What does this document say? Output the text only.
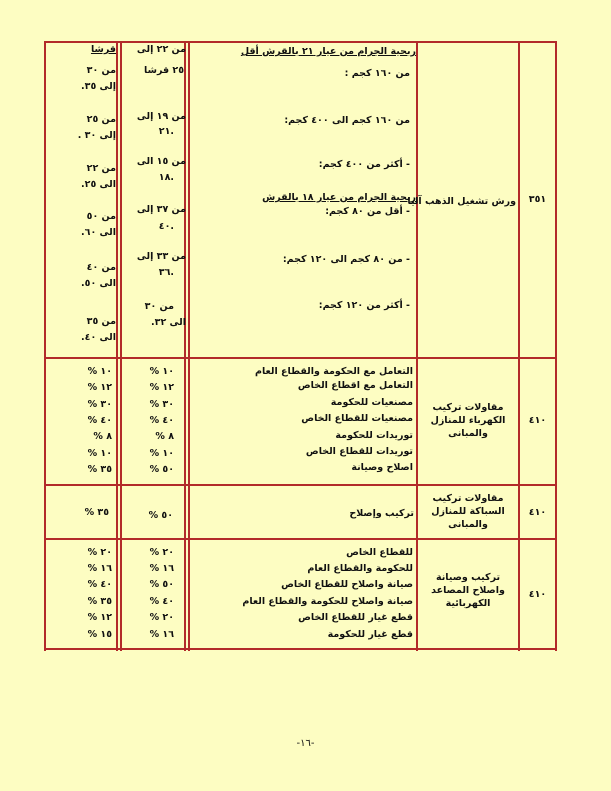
٣٥١
ورش تشغيل الذهب آليا
ربحية الجرام من عيار ٢١ بالقرش أقل
من ١٦٠ كجم :
من ١٦٠ كجم الى ٤٠٠ كجم:
- أكثر من ٤٠٠ كجم:
ربحية الجرام من عيار ١٨ بالقرش
- أقل من ٨٠ كجم:
- من ٨٠ كجم الى ١٢٠ كجم:
- أكثر من ١٢٠ كجم:
من ٢٢ إلى
٢٥ قرشا
من ١٩ إلى
.٢١
من ١٥ الى
.١٨
من ٣٧ إلى
.٤٠
من ٣٣ إلى
.٣٦
من ٣٠
الى ٣٢.
قرشا
من ٣٠
إلى ٣٥.
من ٢٥
إلى ٣٠ .
من ٢٢
الى ٢٥.
من ٥٠
الى ٦٠.
من ٤٠
الى ٥٠.
من ٣٥
الى ٤٠.
٤١٠
مقاولات تركيب
الكهرباء للمنازل
والمبانى
التعامل مع الحكومة والقطاع العام
التعامل مع اقطاع الخاص
مصنعيات للحكومة
مصنعيات للقطاع الخاص
توريدات للحكومة
توريدات للقطاع الخاص
اصلاح وصيانة
١٠ %
١٢ %
٣٠ %
٤٠ %
٨ %
١٠ %
٥٠ %
١٠ %
١٢ %
٣٠ %
٤٠ %
٨ %
١٠ %
٣٥ %
٤١٠
مقاولات تركيب
السباكة للمنازل
والمبانى
تركيب وإصلاح
٥٠ %
٣٥ %
٤١٠
تركيب وصيانة
واصلاح المصاعد
الكهربائية
للقطاع الخاص
للحكومة والقطاع العام
صيانة واصلاح للقطاع الخاص
صيانة واصلاح للحكومة والقطاع العام
قطع غيار للقطاع الخاص
قطع غيار للحكومة
٢٠ %
١٦ %
٥٠ %
٤٠ %
٢٠ %
١٦ %
٢٠ %
١٦ %
٤٠ %
٣٥ %
١٢ %
١٥ %
-١٦-
